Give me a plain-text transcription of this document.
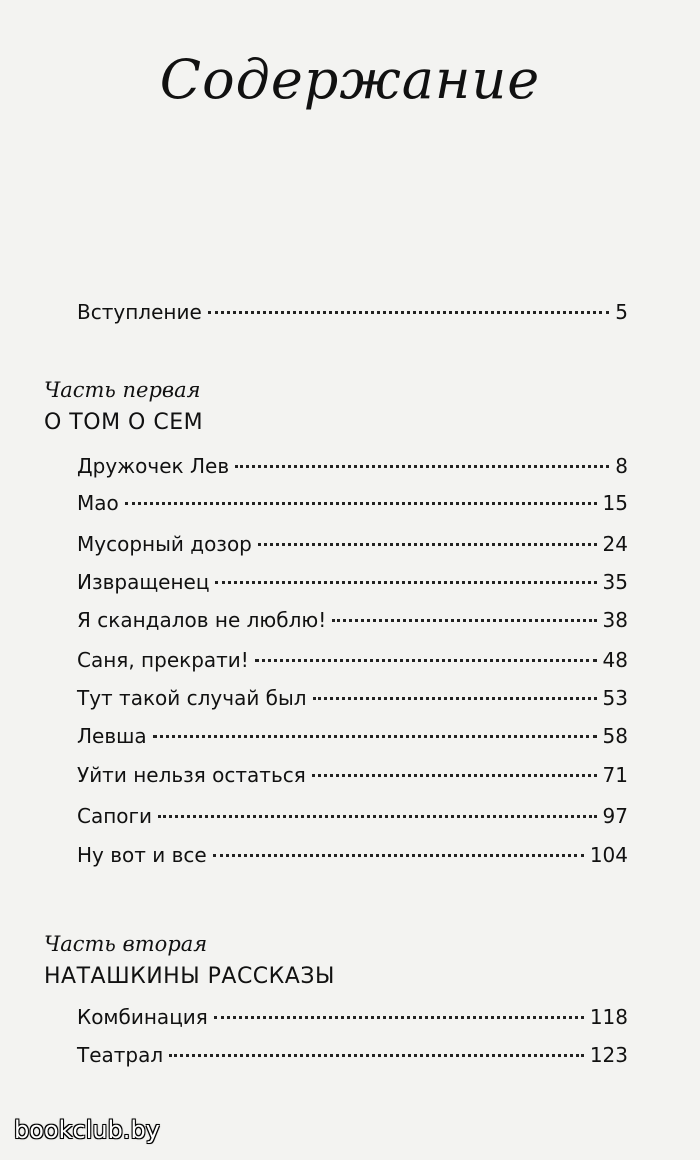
Содержание
Вступление	5
Часть первая
О ТОМ О СЕМ
Дружочек Лев	8
Мао	15
Мусорный дозор	24
Извращенец	35
Я скандалов не люблю!	38
Саня, прекрати!	48
Тут такой случай был	53
Левша	58
Уйти нельзя остаться	71
Сапоги	97
Ну вот и все	104
Часть вторая
НАТАШКИНЫ РАССКАЗЫ
Комбинация	118
Театрал	123
bookclub.by
